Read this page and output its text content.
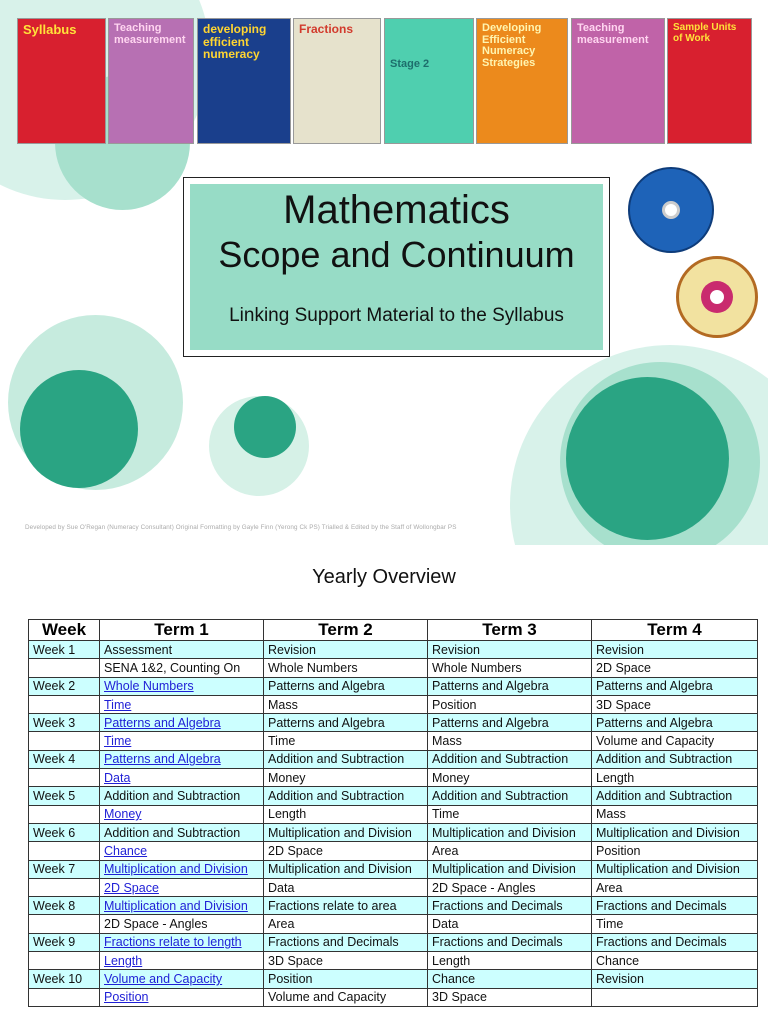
Syllabus	Teaching measurement
developing efficient numeracy
Fractions
Stage 2
Developing Efficient Numeracy Strategies
Teaching measurement
Sample Units of Work
Mathematics
Scope and Continuum
Linking Support Material to the Syllabus
Developed by Sue O'Regan (Numeracy Consultant) Original Formatting by Gayle Finn (Yerong Ck PS) Trialled & Edited by the Staff of Wollongbar PS
Yearly Overview
Week	Term 1	Term 2	Term 3	Term 4
Week 1	Assessment	Revision	Revision	Revision
	SENA 1&2, Counting On	Whole Numbers	Whole Numbers	2D Space
Week 2	Whole Numbers	Patterns and Algebra	Patterns and Algebra	Patterns and Algebra
	Time	Mass	Position	3D Space
Week 3	Patterns and Algebra	Patterns and Algebra	Patterns and Algebra	Patterns and Algebra
	Time	Time	Mass	Volume and Capacity
Week 4	Patterns and Algebra	Addition and Subtraction	Addition and Subtraction	Addition and Subtraction
	Data	Money	Money	Length
Week 5	Addition and Subtraction	Addition and Subtraction	Addition and Subtraction	Addition and Subtraction
	Money	Length	Time	Mass
Week 6	Addition and Subtraction	Multiplication and Division	Multiplication and Division	Multiplication and Division
	Chance	2D Space	Area	Position
Week 7	Multiplication and Division	Multiplication and Division	Multiplication and Division	Multiplication and Division
	2D Space	Data	2D Space - Angles	Area
Week 8	Multiplication and Division	Fractions relate to area	Fractions and Decimals	Fractions and Decimals
	2D Space - Angles	Area	Data	Time
Week 9	Fractions relate to length	Fractions and Decimals	Fractions and Decimals	Fractions and Decimals
	Length	3D Space	Length	Chance
Week 10	Volume and Capacity	Position	Chance	Revision
	Position	Volume and Capacity	3D Space	
